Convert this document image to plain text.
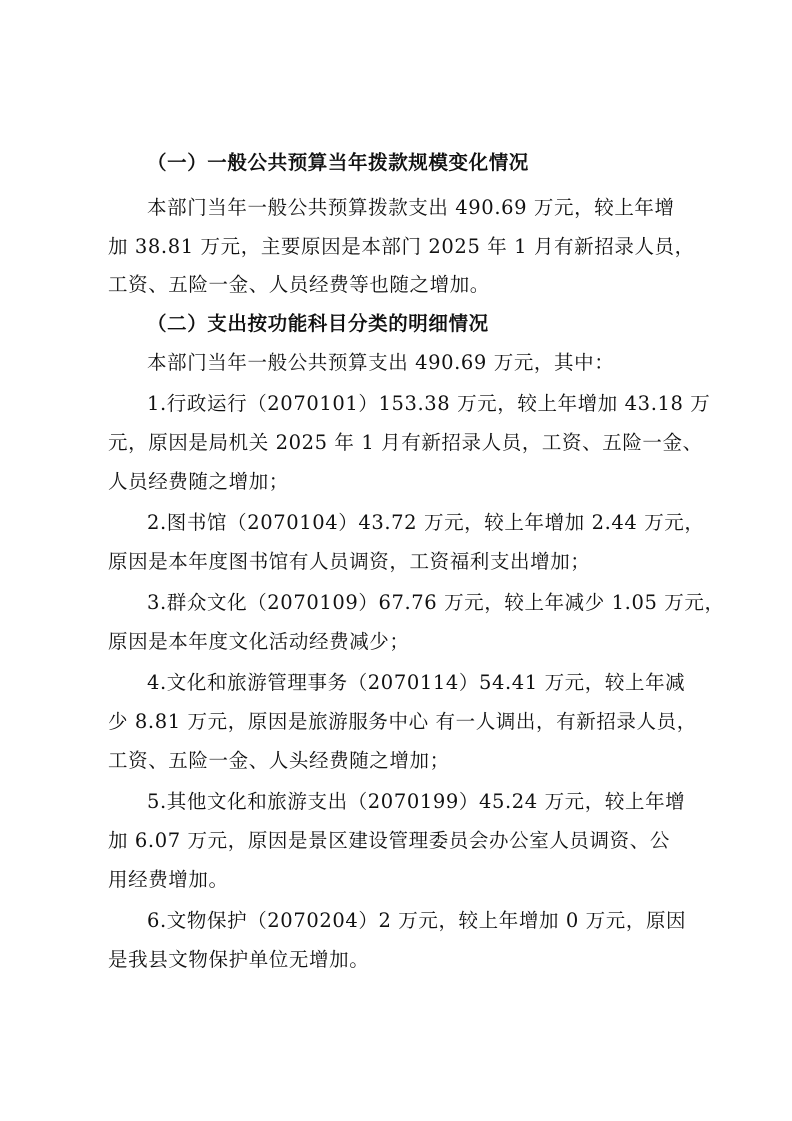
（一）一般公共预算当年拨款规模变化情况
本部门当年一般公共预算拨款支出 490.69 万元，较上年增
加 38.81 万元，主要原因是本部门 2025 年 1 月有新招录人员，
工资、五险一金、人员经费等也随之增加。
（二）支出按功能科目分类的明细情况
本部门当年一般公共预算支出 490.69 万元，其中：
1.行政运行（2070101）153.38 万元，较上年增加 43.18 万
元，原因是局机关 2025 年 1 月有新招录人员，工资、五险一金、
人员经费随之增加；
2.图书馆（2070104）43.72 万元，较上年增加 2.44 万元，
原因是本年度图书馆有人员调资，工资福利支出增加；
3.群众文化（2070109）67.76 万元，较上年减少 1.05 万元，
原因是本年度文化活动经费减少；
4.文化和旅游管理事务（2070114）54.41 万元，较上年减
少 8.81 万元，原因是旅游服务中心 有一人调出，有新招录人员，
工资、五险一金、人头经费随之增加；
5.其他文化和旅游支出（2070199）45.24 万元，较上年增
加 6.07 万元，原因是景区建设管理委员会办公室人员调资、公
用经费增加。
6.文物保护（2070204）2 万元，较上年增加 0 万元，原因
是我县文物保护单位无增加。
